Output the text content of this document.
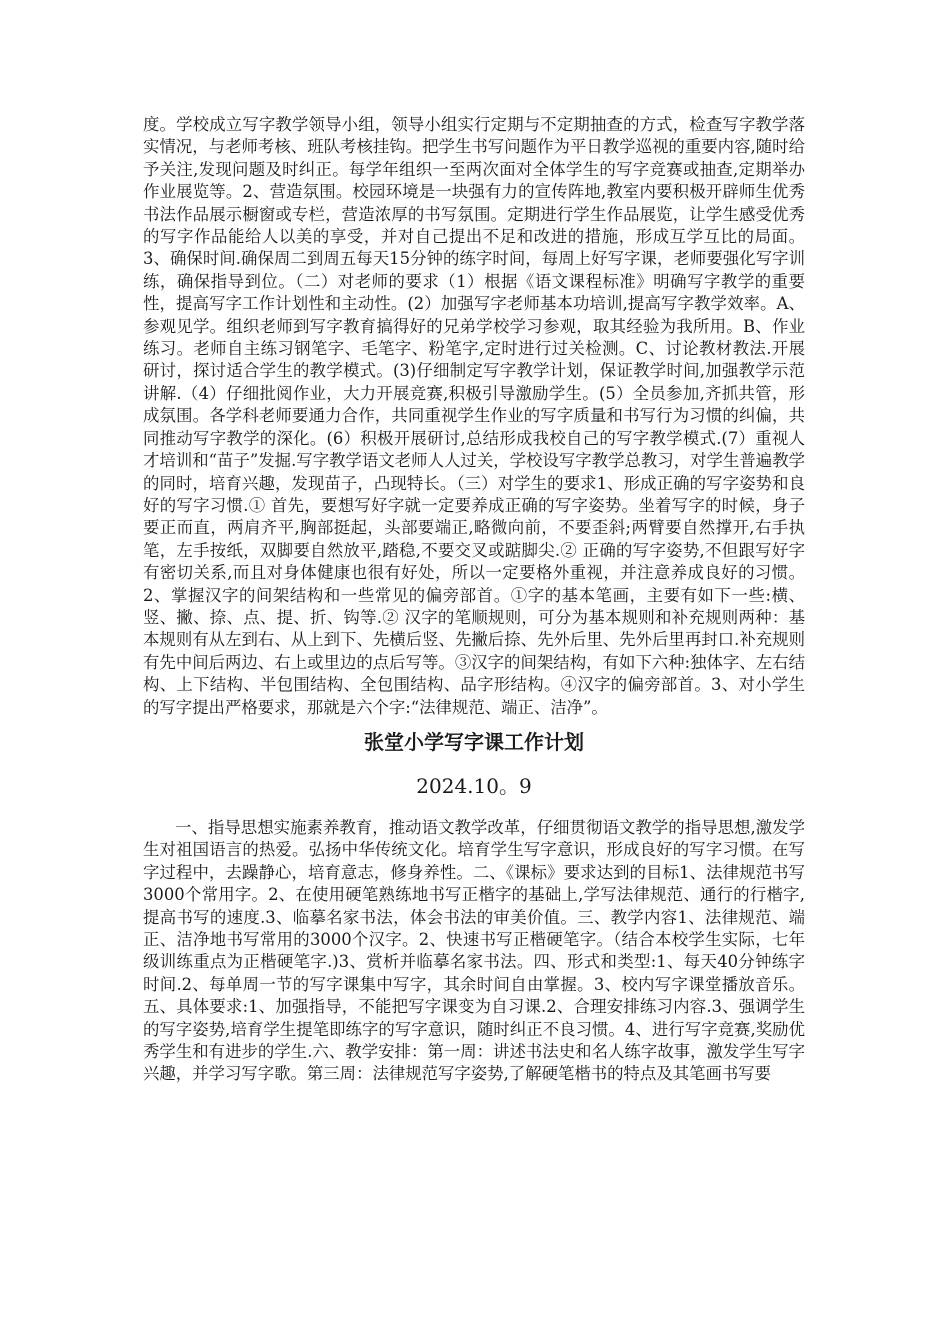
度。学校成立写字教学领导小组，领导小组实行定期与不定期抽查的方式，检查写字教学落实情况，与老师考核、班队考核挂钩。把学生书写问题作为平日教学巡视的重要内容,随时给予关注,发现问题及时纠正。每学年组织一至两次面对全体学生的写字竞赛或抽查,定期举办作业展览等。2、营造氛围。校园环境是一块强有力的宣传阵地,教室内要积极开辟师生优秀书法作品展示橱窗或专栏，营造浓厚的书写氛围。定期进行学生作品展览，让学生感受优秀的写字作品能给人以美的享受，并对自己提出不足和改进的措施，形成互学互比的局面。3、确保时间.确保周二到周五每天15分钟的练字时间，每周上好写字课，老师要强化写字训练，确保指导到位。（二）对老师的要求（1）根据《语文课程标准》明确写字教学的重要性，提高写字工作计划性和主动性。(2）加强写字老师基本功培训,提高写字教学效率。A、参观见学。组织老师到写字教育搞得好的兄弟学校学习参观，取其经验为我所用。B、作业练习。老师自主练习钢笔字、毛笔字、粉笔字,定时进行过关检测。C、讨论教材教法.开展研讨，探讨适合学生的教学模式。(3)仔细制定写字教学计划，保证教学时间,加强教学示范讲解.（4）仔细批阅作业，大力开展竞赛,积极引导激励学生。(5）全员参加,齐抓共管，形成氛围。各学科老师要通力合作，共同重视学生作业的写字质量和书写行为习惯的纠偏，共同推动写字教学的深化。(6）积极开展研讨,总结形成我校自己的写字教学模式.(7）重视人才培训和“苗子”发掘.写字教学语文老师人人过关，学校设写字教学总教习，对学生普遍教学的同时，培育兴趣，发现苗子，凸现特长。（三）对学生的要求1、形成正确的写字姿势和良好的写字习惯.① 首先，要想写好字就一定要养成正确的写字姿势。坐着写字的时候，身子要正而直，两肩齐平,胸部挺起，头部要端正,略微向前，不要歪斜;两臂要自然撑开,右手执笔，左手按纸，双脚要自然放平,踏稳,不要交叉或踮脚尖.② 正确的写字姿势,不但跟写好字有密切关系,而且对身体健康也很有好处，所以一定要格外重视，并注意养成良好的习惯。2、掌握汉字的间架结构和一些常见的偏旁部首。①字的基本笔画，主要有如下一些:横、竖、撇、捺、点、提、折、钩等.② 汉字的笔顺规则，可分为基本规则和补充规则两种：基本规则有从左到右、从上到下、先横后竖、先撇后捺、先外后里、先外后里再封口.补充规则有先中间后两边、右上或里边的点后写等。③汉字的间架结构，有如下六种:独体字、左右结构、上下结构、半包围结构、全包围结构、品字形结构。④汉字的偏旁部首。3、对小学生的写字提出严格要求，那就是六个字:“法律规范、端正、洁净”。

张堂小学写字课工作计划

2024.10。9

一、指导思想实施素养教育，推动语文教学改革，仔细贯彻语文教学的指导思想,激发学生对祖国语言的热爱。弘扬中华传统文化。培育学生写字意识，形成良好的写字习惯。在写字过程中，去躁静心，培育意志，修身养性。二、《课标》要求达到的目标1、法律规范书写3000个常用字。2、在使用硬笔熟练地书写正楷字的基础上,学写法律规范、通行的行楷字,提高书写的速度.3、临摹名家书法，体会书法的审美价值。三、教学内容1、法律规范、端正、洁净地书写常用的3000个汉字。2、快速书写正楷硬笔字。（结合本校学生实际，七年级训练重点为正楷硬笔字.)3、赏析并临摹名家书法。四、形式和类型:1、每天40分钟练字时间.2、每单周一节的写字课集中写字，其余时间自由掌握。3、校内写字课堂播放音乐。五、具体要求:1、加强指导，不能把写字课变为自习课.2、合理安排练习内容.3、强调学生的写字姿势,培育学生提笔即练字的写字意识，随时纠正不良习惯。4、进行写字竞赛,奖励优秀学生和有进步的学生.六、教学安排：第一周：讲述书法史和名人练字故事，激发学生写字兴趣，并学习写字歌。第三周：法律规范写字姿势,了解硬笔楷书的特点及其笔画书写要
